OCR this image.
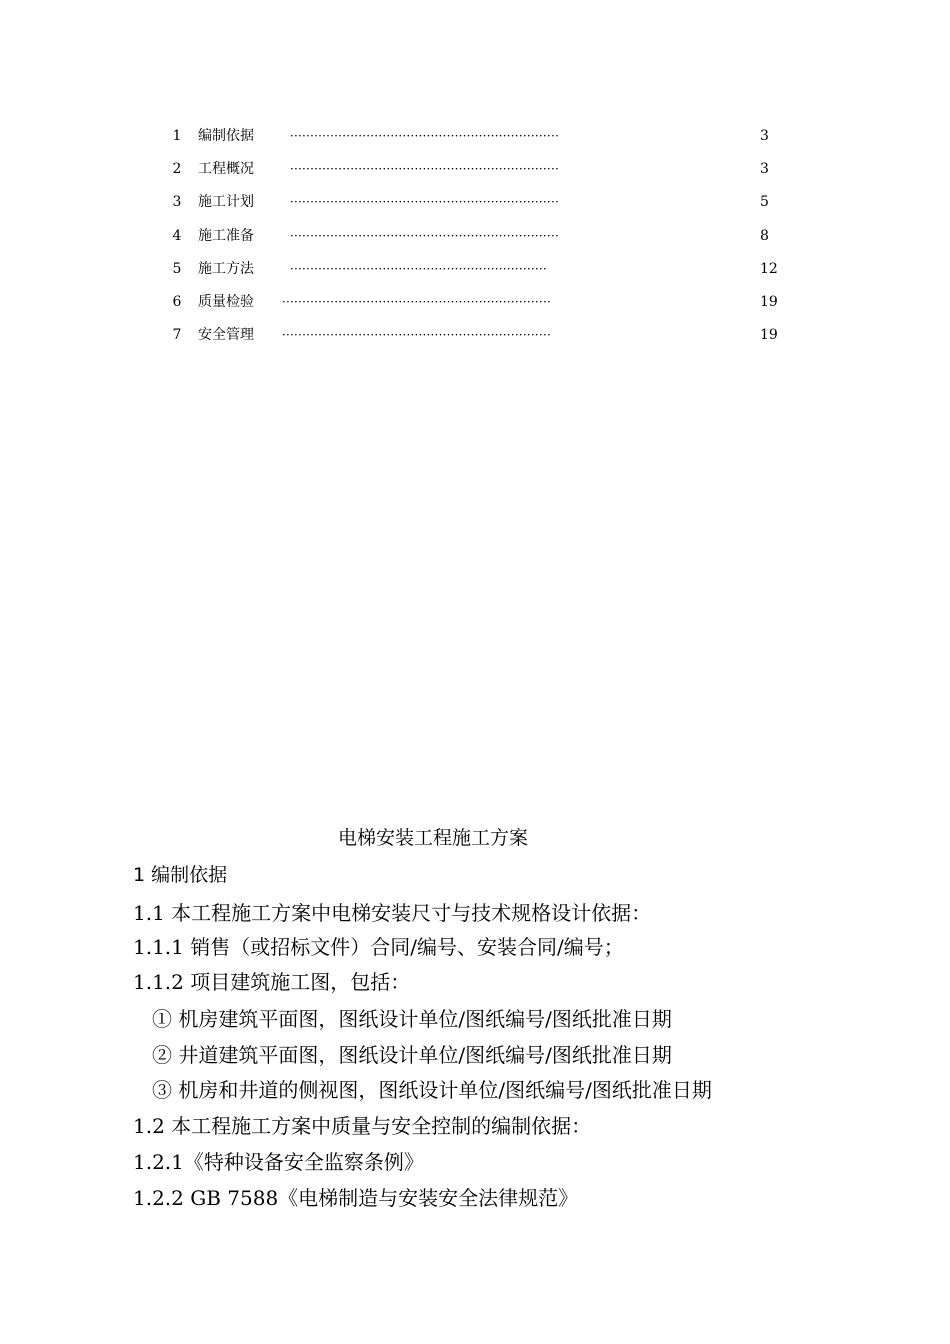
1 编制依据	···································································	3
2 工程概况	···································································	3
3 施工计划	···································································	5
4 施工准备	···································································	8
5 施工方法	································································	12
6 质量检验 ···································································	19
7 安全管理 ···································································	19
电梯安装工程施工方案
1 编制依据
1.1 本工程施工方案中电梯安装尺寸与技术规格设计依据：
1.1.1 销售（或招标文件）合同/编号、安装合同/编号；
1.1.2 项目建筑施工图，包括：
① 机房建筑平面图，图纸设计单位/图纸编号/图纸批准日期
② 井道建筑平面图，图纸设计单位/图纸编号/图纸批准日期
③ 机房和井道的侧视图，图纸设计单位/图纸编号/图纸批准日期
1.2 本工程施工方案中质量与安全控制的编制依据：
1.2.1《特种设备安全监察条例》
1.2.2 GB 7588《电梯制造与安装安全法律规范》
